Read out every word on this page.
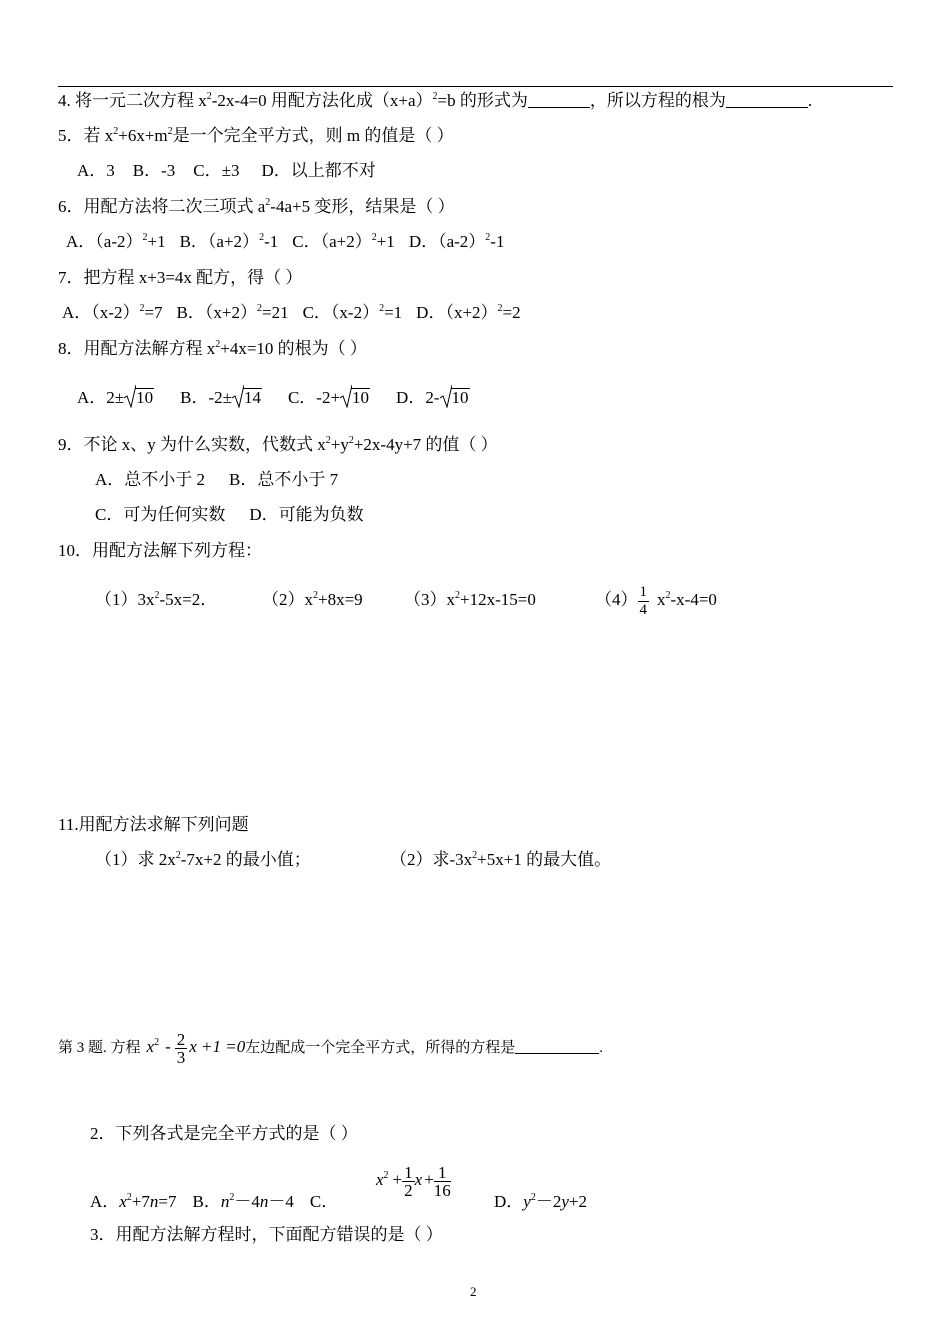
4. 将一元二次方程 $x^2-2x-4=0$ 用配方法化成$(x+a)^2=b$ 的形式为	，所以方程的根为	.
5．若 $x^2+6x+m^2$是一个完全平方式，则 m 的值是（ ）
A．3 B．-3 C．±3 D．以上都不对
6．用配方法将二次三项式 $a^2-4a+5$ 变形，结果是（ ）
A．$(a-2)^2+1$ B．$(a+2)^2-1$ C．$(a+2)^2+1$ D．$(a-2)^2-1$
7．把方程 x+3=4x 配方，得（ ）
A．$(x-2)^2=7$ B．$(x+2)^2=21$ C．$(x-2)^2=1$ D．$(x+2)^2=2$
8．用配方法解方程 $x^2+4x=10$ 的根为（ ）
A．2± 10 B．-2± 14 C．-2+ 10 D．2- 10
9．不论 x、y 为什么实数，代数式 $x^2+y^2+2x-4y+7$ 的值（ ）
A．总不小于 2 B．总不小于 7
C．可为任何实数 D．可能为负数
10．用配方法解下列方程：
$(1)3x^2-5x=2$．	$(2)x^2+8x=9$ $(3)x^2+12x-15=0$	$(4) \frac{1}{4} x^2-x-4=0$
11.用配方法求解下列问题
（1）求 $2x^2-7x+2$ 的最小值；	（2）求$-3x^2+5x+1$ 的最大值。
第 3 题. 方程 $x^2 - \frac{2}{3}$ x +1 =0左边配成一个完全平方式，所得的方程是	.
2．下列各式是完全平方式的是（ ）
$x^2 + \frac{1}{2}$ $x + \frac{1}{16}$
A．$x^2+7n=7$ B．$n^2-4n-4$ C．	D．$y^2-2y+2$
3．用配方法解方程时，下面配方错误的是（ ）
2
